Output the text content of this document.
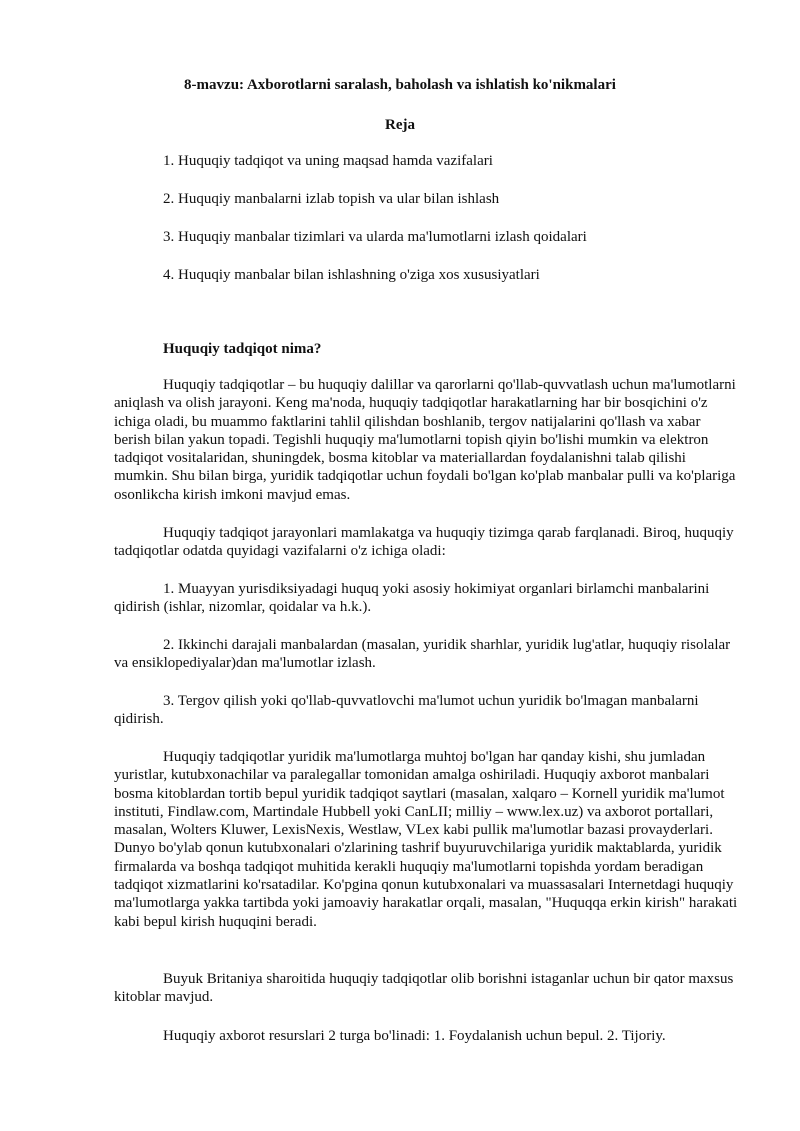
8-mavzu: Axborotlarni saralash, baholash va ishlatish ko'nikmalari
Reja
1. Huquqiy tadqiqot va uning maqsad hamda vazifalari
2. Huquqiy manbalarni izlab topish va ular bilan ishlash
3. Huquqiy manbalar tizimlari va ularda ma'lumotlarni izlash qoidalari
4. Huquqiy manbalar bilan ishlashning o'ziga xos xususiyatlari
Huquqiy tadqiqot nima?

Huquqiy tadqiqotlar – bu huquqiy dalillar va qarorlarni qo'llab-quvvatlash uchun ma'lumotlarni aniqlash va olish jarayoni. Keng ma'noda, huquqiy tadqiqotlar harakatlarning har bir bosqichini o'z ichiga oladi, bu muammo faktlarini tahlil qilishdan boshlanib, tergov natijalarini qo'llash va xabar berish bilan yakun topadi. Tegishli huquqiy ma'lumotlarni topish qiyin bo'lishi mumkin va elektron tadqiqot vositalaridan, shuningdek, bosma kitoblar va materiallardan foydalanishni talab qilishi mumkin. Shu bilan birga, yuridik tadqiqotlar uchun foydali bo'lgan ko'plab manbalar pulli va ko'plariga osonlikcha kirish imkoni mavjud emas.

Huquqiy tadqiqot jarayonlari mamlakatga va huquqiy tizimga qarab farqlanadi. Biroq, huquqiy tadqiqotlar odatda quyidagi vazifalarni o'z ichiga oladi:

1. Muayyan yurisdiksiyadagi huquq yoki asosiy hokimiyat organlari birlamchi manbalarini qidirish (ishlar, nizomlar, qoidalar va h.k.).

2. Ikkinchi darajali manbalardan (masalan, yuridik sharhlar, yuridik lug'atlar, huquqiy risolalar va ensiklopediyalar)dan ma'lumotlar izlash.

3. Tergov qilish yoki qo'llab-quvvatlovchi ma'lumot uchun yuridik bo'lmagan manbalarni qidirish.

Huquqiy tadqiqotlar yuridik ma'lumotlarga muhtoj bo'lgan har qanday kishi, shu jumladan yuristlar, kutubxonachilar va paralegallar tomonidan amalga oshiriladi. Huquqiy axborot manbalari bosma kitoblardan tortib bepul yuridik tadqiqot saytlari (masalan, xalqaro – Kornell yuridik ma'lumot instituti, Findlaw.com, Martindale Hubbell yoki CanLII; milliy – www.lex.uz) va axborot portallari, masalan, Wolters Kluwer, LexisNexis, Westlaw, VLex kabi pullik ma'lumotlar bazasi provayderlari. Dunyo bo'ylab qonun kutubxonalari o'zlarining tashrif buyuruvchilariga yuridik maktablarda, yuridik firmalarda va boshqa tadqiqot muhitida kerakli huquqiy ma'lumotlarni topishda yordam beradigan tadqiqot xizmatlarini ko'rsatadilar. Ko'pgina qonun kutubxonalari va muassasalari Internetdagi huquqiy ma'lumotlarga yakka tartibda yoki jamoaviy harakatlar orqali, masalan, "Huquqqa erkin kirish" harakati kabi bepul kirish huquqini beradi.

Buyuk Britaniya sharoitida huquqiy tadqiqotlar olib borishni istaganlar uchun bir qator maxsus kitoblar mavjud.

Huquqiy axborot resurslari 2 turga bo'linadi: 1. Foydalanish uchun bepul. 2. Tijoriy.
